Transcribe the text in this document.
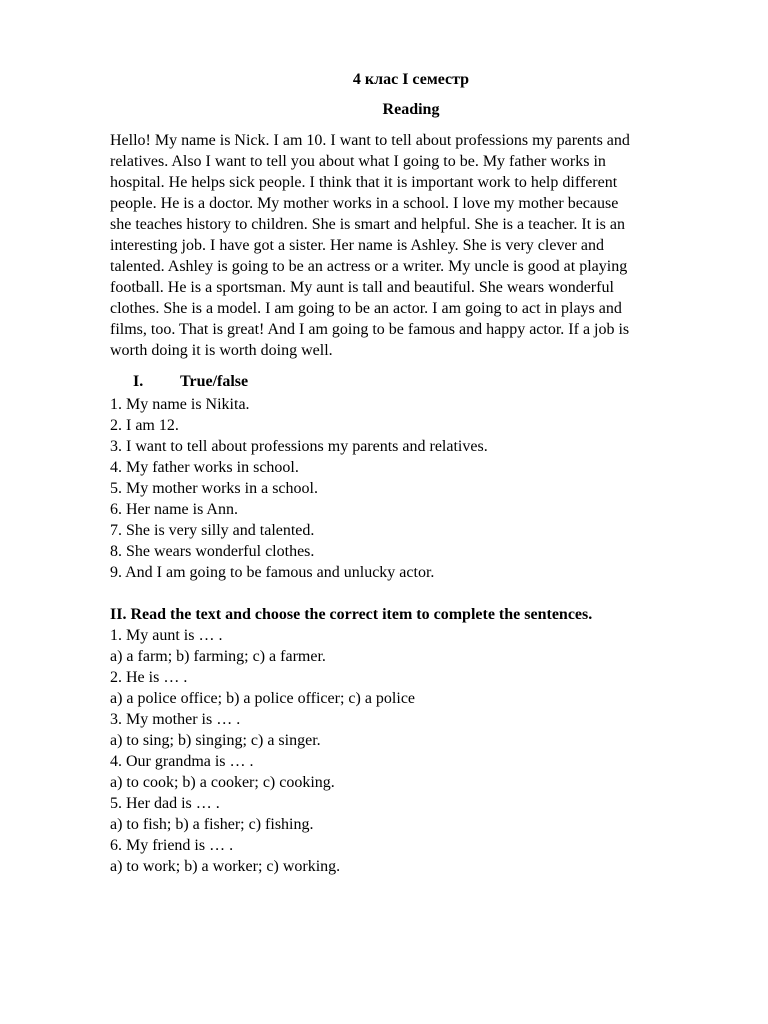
4 клас I семестр
Reading

Hello! My name is Nick. I am 10. I want to tell about professions my parents and
relatives. Also I want to tell you about what I going to be. My father works in
hospital. He helps sick people. I think that it is important work to help different
people. He is a doctor. My mother works in a school. I love my mother because
she teaches history to children. She is smart and helpful. She is a teacher. It is an
interesting job. I have got a sister. Her name is Ashley. She is very clever and
talented. Ashley is going to be an actress or a writer. My uncle is good at playing
football. He is a sportsman. My aunt is tall and beautiful. She wears wonderful
clothes. She is a model. I am going to be an actor. I am going to act in plays and
films, too. That is great! And I am going to be famous and happy actor. If a job is
worth doing it is worth doing well.

I. True/false
1. My name is Nikita.
2. I am 12.
3. I want to tell about professions my parents and relatives.
4. My father works in school.
5. My mother works in a school.
6. Her name is Ann.
7. She is very silly and talented.
8. She wears wonderful clothes.
9. And I am going to be famous and unlucky actor.
II. Read the text and choose the correct item to complete the sentences.
1. My aunt is … .
a) a farm; b) farming; c) a farmer.
2. He is … .
a) a police office; b) a police officer; c) a police
3. My mother is … .
a) to sing; b) singing; c) a singer.
4. Our grandma is … .
a) to cook; b) a cooker; c) cooking.
5. Her dad is … .
a) to fish; b) a fisher; c) fishing.
6. My friend is … .
a) to work; b) a worker; c) working.
